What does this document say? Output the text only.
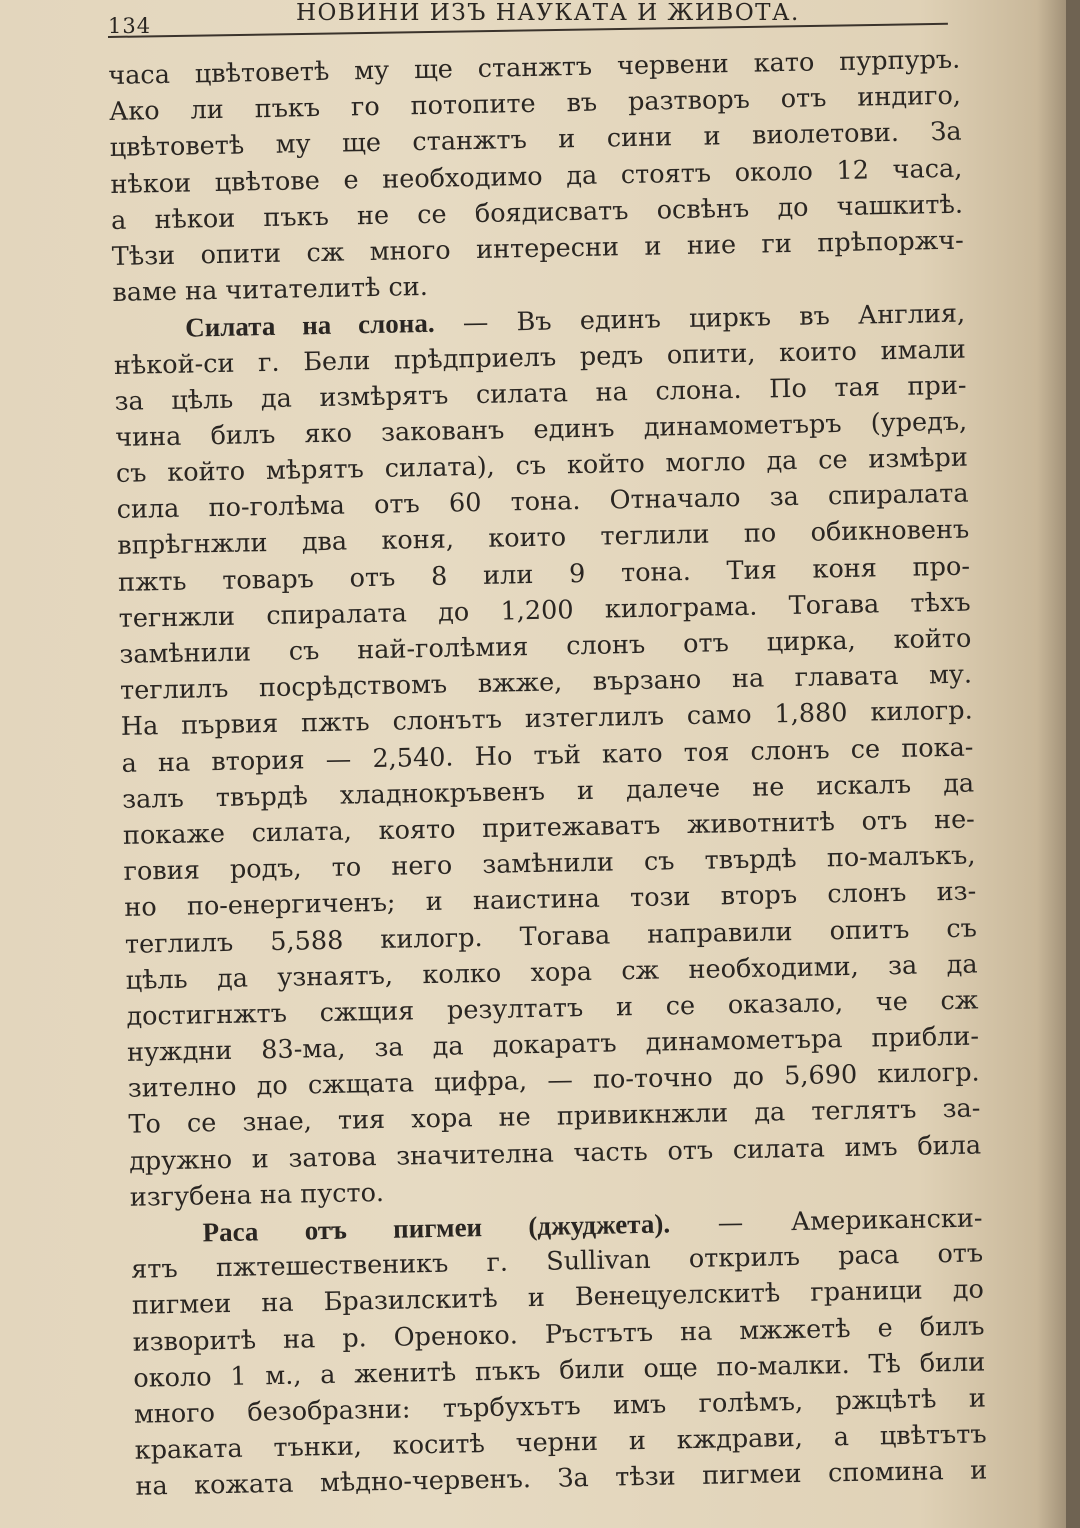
134	НОВИНИ ИЗЪ НАУКАТА И ЖИВОТА.
часа цвѣтоветѣ му ще станжтъ червени като пурпуръ.
Ако ли пъкъ го потопите въ разтворъ отъ индиго,
цвѣтоветѣ му ще станжтъ и сини и виолетови. За
нѣкои цвѣтове е необходимо да стоятъ около 12 часа,
а нѣкои пъкъ не се боядисватъ освѣнъ до чашкитѣ.
Тѣзи опити сж много интересни и ние ги прѣпоржч-
ваме на читателитѣ си.
Силата на слона. — Въ единъ циркъ въ Англия,
нѣкой-си г. Бели прѣдприелъ редъ опити, които имали
за цѣль да измѣрятъ силата на слона. По тая при-
чина билъ яко закованъ единъ динамометъръ (уредъ,
съ който мѣрятъ силата), съ който могло да се измѣри
сила по-голѣма отъ 60 тона. Отначало за спиралата
впрѣгнжли два коня, които теглили по обикновенъ
пжть товаръ отъ 8 или 9 тона. Тия коня про-
тегнжли спиралата до 1,200 килограма. Тогава тѣхъ
замѣнили съ най-голѣмия слонъ отъ цирка, който
теглилъ посрѣдствомъ вжже, вързано на главата му.
На първия пжть слонътъ изтеглилъ само 1,880 килогр.
а на втория — 2,540. Но тъй като тоя слонъ се пока-
залъ твърдѣ хладнокръвенъ и далече не искалъ да
покаже силата, която притежаватъ животнитѣ отъ не-
говия родъ, то него замѣнили съ твърдѣ по-малъкъ,
но по-енергиченъ; и наистина този вторъ слонъ из-
теглилъ 5,588 килогр. Тогава направили опитъ съ
цѣль да узнаятъ, колко хора сж необходими, за да
достигнжтъ сжщия резултатъ и се оказало, че сж
нуждни 83-ма, за да докаратъ динамометъра прибли-
зително до сжщата цифра, — по-точно до 5,690 килогр.
То се знае, тия хора не привикнжли да теглятъ за-
дружно и затова значителна часть отъ силата имъ била
изгубена на пусто.
Раса отъ пигмеи (джуджета). — Американски-
ятъ пжтешественикъ г. Sullivan открилъ раса отъ
пигмеи на Бразилскитѣ и Венецуелскитѣ граници до
изворитѣ на р. Ореноко. Ръстътъ на мжжетѣ е билъ
около 1 м., а женитѣ пъкъ били още по-малки. Тѣ били
много безобразни: търбухътъ имъ голѣмъ, ржцѣтѣ и
краката тънки, коситѣ черни и кждрави, а цвѣтътъ
на кожата мѣдно-червенъ. За тѣзи пигмеи спомина и
